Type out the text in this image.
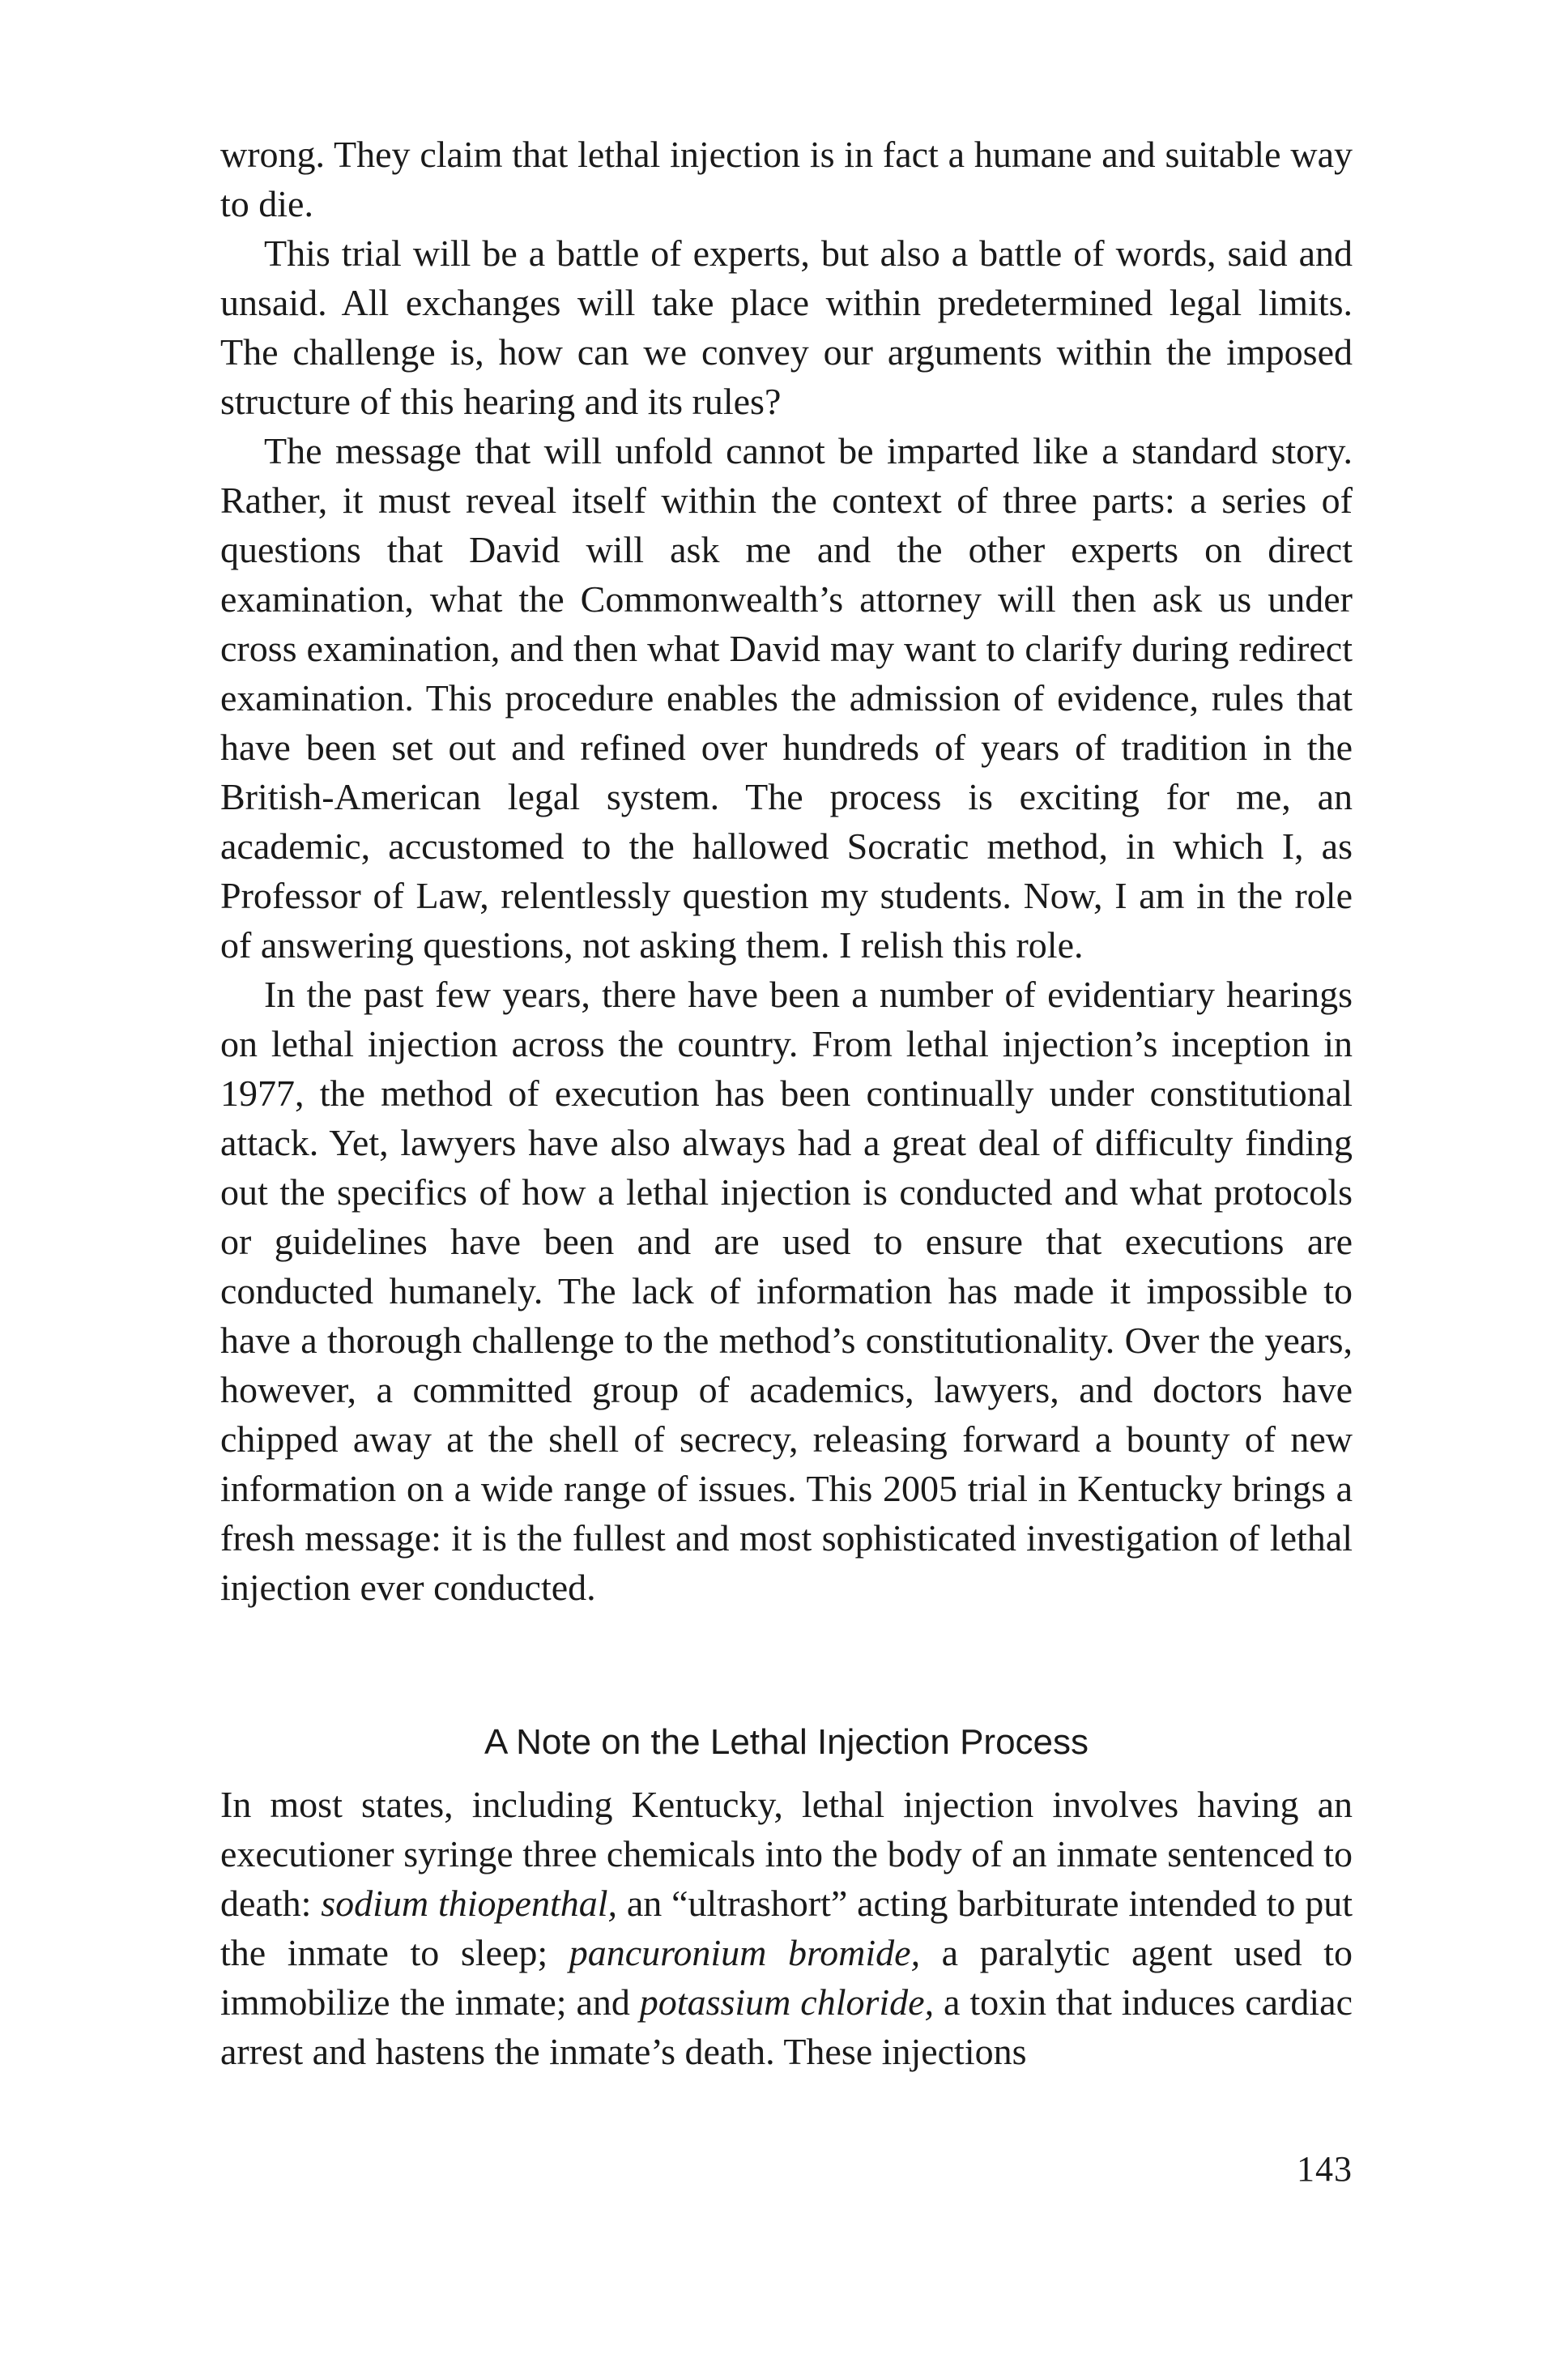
wrong. They claim that lethal injection is in fact a humane and suitable way to die.

This trial will be a battle of experts, but also a battle of words, said and unsaid. All exchanges will take place within predetermined legal limits. The challenge is, how can we convey our arguments within the imposed structure of this hearing and its rules?

The message that will unfold cannot be imparted like a standard story. Rather, it must reveal itself within the context of three parts: a series of questions that David will ask me and the other experts on direct examination, what the Commonwealth’s attorney will then ask us under cross examination, and then what David may want to clarify during redirect examination. This procedure enables the admission of evidence, rules that have been set out and refined over hundreds of years of tradition in the British-American legal system. The process is exciting for me, an academic, accustomed to the hallowed Socratic method, in which I, as Professor of Law, relentlessly question my students. Now, I am in the role of answering questions, not asking them. I relish this role.

In the past few years, there have been a number of evidentiary hearings on lethal injection across the country. From lethal injection’s inception in 1977, the method of execution has been continually under constitutional attack. Yet, lawyers have also always had a great deal of difficulty finding out the specifics of how a lethal injection is conducted and what protocols or guidelines have been and are used to ensure that executions are conducted humanely. The lack of information has made it impossible to have a thorough challenge to the method’s constitutionality. Over the years, however, a committed group of academics, lawyers, and doctors have chipped away at the shell of secrecy, releasing forward a bounty of new information on a wide range of issues. This 2005 trial in Kentucky brings a fresh message: it is the fullest and most sophisticated investigation of lethal injection ever conducted.

A Note on the Lethal Injection Process

In most states, including Kentucky, lethal injection involves having an executioner syringe three chemicals into the body of an inmate sentenced to death: sodium thiopenthal, an “ultrashort” acting barbiturate intended to put the inmate to sleep; pancuronium bromide, a paralytic agent used to immobilize the inmate; and potassium chloride, a toxin that induces cardiac arrest and hastens the inmate’s death. These injections

143
